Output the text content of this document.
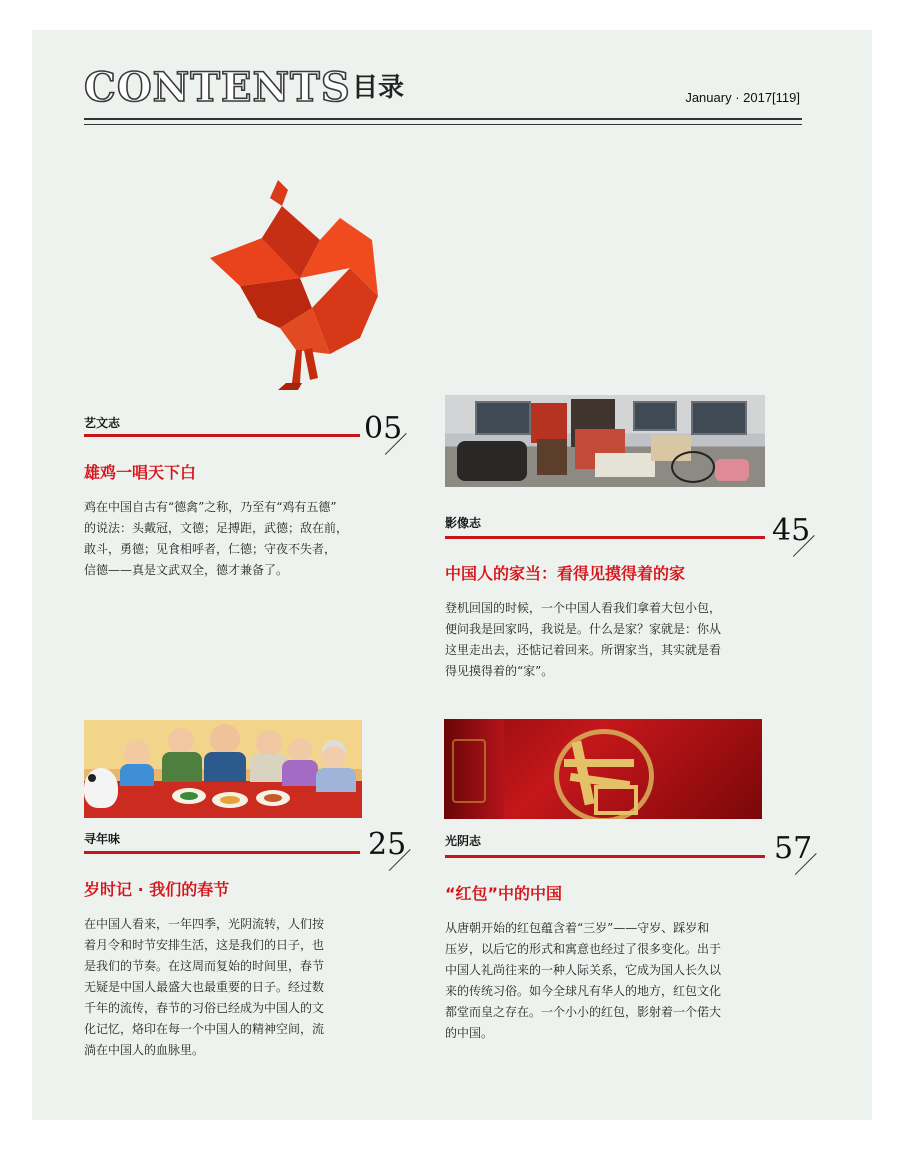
CONTENTS 目录	January · 2017[119]
艺文志	05
雄鸡一唱天下白
鸡在中国自古有“德禽”之称，乃至有“鸡有五德”
的说法：头戴冠，文德；足搏距，武德；敌在前，
敢斗，勇德；见食相呼者，仁德；守夜不失者，
信德——真是文武双全，德才兼备了。
影像志	45
中国人的家当：看得见摸得着的家
登机回国的时候，一个中国人看我们拿着大包小包，
便问我是回家吗，我说是。什么是家？家就是：你从
这里走出去，还惦记着回来。所谓家当，其实就是看
得见摸得着的“家”。
寻年味	25
岁时记 · 我们的春节
在中国人看来，一年四季，光阴流转，人们按
着月令和时节安排生活，这是我们的日子，也
是我们的节奏。在这周而复始的时间里，春节
无疑是中国人最盛大也最重要的日子。经过数
千年的流传，春节的习俗已经成为中国人的文
化记忆，烙印在每一个中国人的精神空间，流
淌在中国人的血脉里。
光阴志	57
“红包”中的中国
从唐朝开始的红包蕴含着“三岁”——守岁、踩岁和
压岁，以后它的形式和寓意也经过了很多变化。出于
中国人礼尚往来的一种人际关系，它成为国人长久以
来的传统习俗。如今全球凡有华人的地方，红包文化
都堂而皇之存在。一个小小的红包，影射着一个偌大
的中国。
